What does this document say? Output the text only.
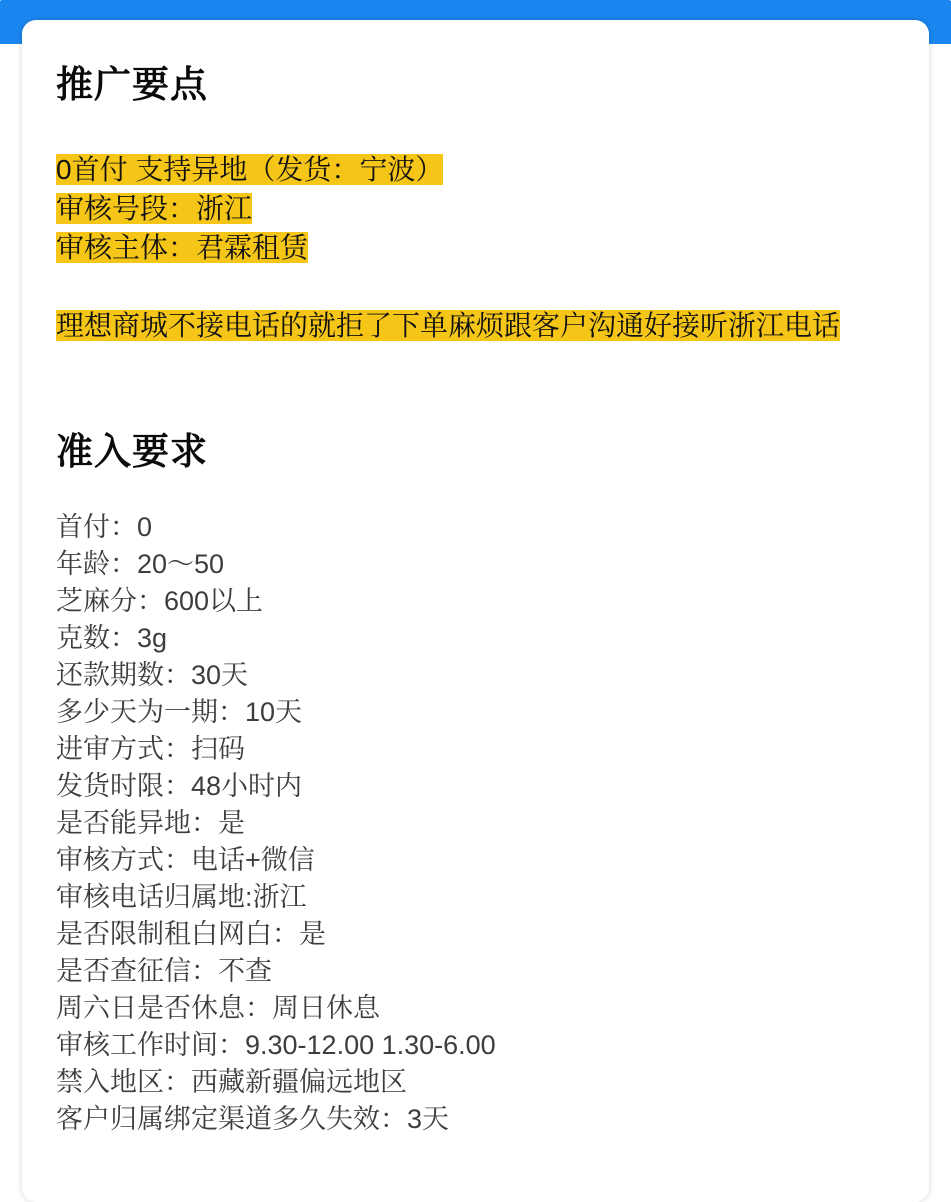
推广要点

0首付 支持异地（发货：宁波）

审核号段：浙江

审核主体：君霖租赁

理想商城不接电话的就拒了下单麻烦跟客户沟通好接听浙江电话

准入要求
首付：0
年龄：20～50
芝麻分：600以上
克数：3g
还款期数：30天
多少天为一期：10天
进审方式：扫码
发货时限：48小时内
是否能异地：是
审核方式：电话+微信
审核电话归属地:浙江
是否限制租白网白：是
是否查征信：不查
周六日是否休息：周日休息
审核工作时间：9.30-12.00 1.30-6.00
禁入地区：西藏新疆偏远地区
客户归属绑定渠道多久失效：3天
